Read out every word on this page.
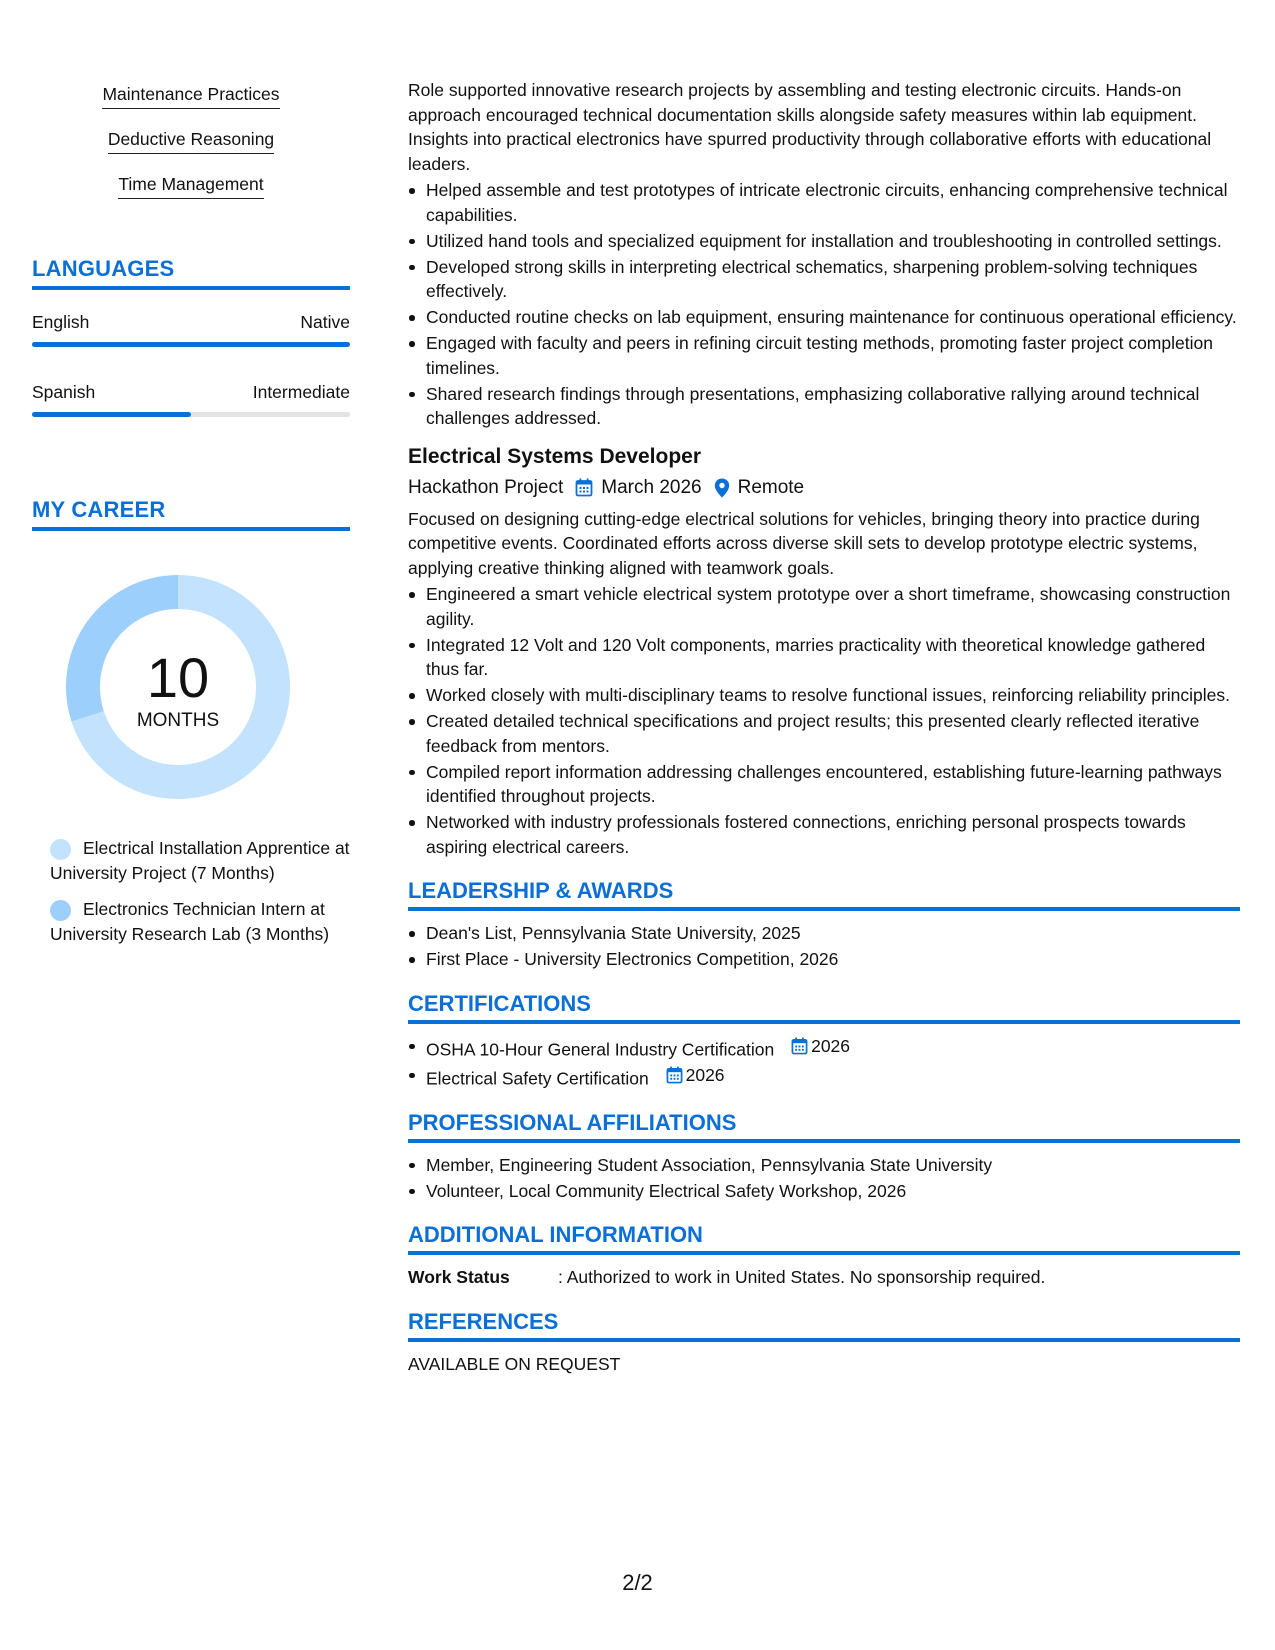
Maintenance Practices
Deductive Reasoning
Time Management
LANGUAGES
English	Native
Spanish	Intermediate
MY CAREER
10
MONTHS
Electrical Installation Apprentice at University Project (7 Months)
Electronics Technician Intern at University Research Lab (3 Months)

Role supported innovative research projects by assembling and testing electronic circuits. Hands-on approach encouraged technical documentation skills alongside safety measures within lab equipment. Insights into practical electronics have spurred productivity through collaborative efforts with educational leaders.

Helped assemble and test prototypes of intricate electronic circuits, enhancing comprehensive technical capabilities.
Utilized hand tools and specialized equipment for installation and troubleshooting in controlled settings.
Developed strong skills in interpreting electrical schematics, sharpening problem-solving techniques effectively.
Conducted routine checks on lab equipment, ensuring maintenance for continuous operational efficiency.
Engaged with faculty and peers in refining circuit testing methods, promoting faster project completion timelines.
Shared research findings through presentations, emphasizing collaborative rallying around technical challenges addressed.
Electrical Systems Developer
Hackathon Project March 2026 Remote

Focused on designing cutting-edge electrical solutions for vehicles, bringing theory into practice during competitive events. Coordinated efforts across diverse skill sets to develop prototype electric systems, applying creative thinking aligned with teamwork goals.

Engineered a smart vehicle electrical system prototype over a short timeframe, showcasing construction agility.
Integrated 12 Volt and 120 Volt components, marries practicality with theoretical knowledge gathered thus far.
Worked closely with multi-disciplinary teams to resolve functional issues, reinforcing reliability principles.
Created detailed technical specifications and project results; this presented clearly reflected iterative feedback from mentors.
Compiled report information addressing challenges encountered, establishing future-learning pathways identified throughout projects.
Networked with industry professionals fostered connections, enriching personal prospects towards aspiring electrical careers.
LEADERSHIP & AWARDS
Dean's List, Pennsylvania State University, 2025
First Place - University Electronics Competition, 2026
CERTIFICATIONS
OSHA 10-Hour General Industry Certification 2026
Electrical Safety Certification 2026
PROFESSIONAL AFFILIATIONS
Member, Engineering Student Association, Pennsylvania State University
Volunteer, Local Community Electrical Safety Workshop, 2026
ADDITIONAL INFORMATION
Work Status	: Authorized to work in United States. No sponsorship required.
REFERENCES
AVAILABLE ON REQUEST
2/2
